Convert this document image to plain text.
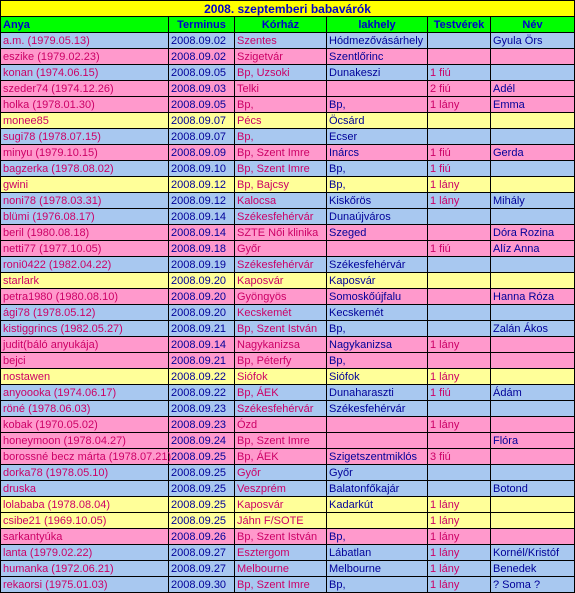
2008. szeptemberi babavárók					
Anya	Terminus	Kórház	lakhely	Testvérek	Név
a.m. (1979.05.13)	2008.09.02	Szentes	Hódmezővásárhely		Gyula Örs
eszike (1979.02.23)	2008.09.02	Szigetvár	Szentlőrinc		
konan (1974.06.15)	2008.09.05	Bp, Uzsoki	Dunakeszi	1 fiú	
szeder74 (1974.12.26)	2008.09.03	Telki		2 fiú	Adél
holka (1978.01.30)	2008.09.05	Bp,	Bp,	1 lány	Emma
monee85	2008.09.07	Pécs	Öcsárd		
sugi78 (1978.07.15)	2008.09.07	Bp,	Ecser		
minyu (1979.10.15)	2008.09.09	Bp, Szent Imre	Inárcs	1 fiú	Gerda
bagzerka (1978.08.02)	2008.09.10	Bp, Szent Imre	Bp,	1 fiú	
gwini	2008.09.12	Bp, Bajcsy	Bp,	1 lány	
noni78 (1978.03.31)	2008.09.12	Kalocsa	Kiskőrös	1 lány	Mihály
blümi (1976.08.17)	2008.09.14	Székesfehérvár	Dunaújváros		
beril (1980.08.18)	2008.09.14	SZTE Női klinika	Szeged		Dóra Rozina
netti77 (1977.10.05)	2008.09.18	Győr		1 fiú	Alíz Anna
roni0422 (1982.04.22)	2008.09.19	Székesfehérvár	Székesfehérvár		
starlark	2008.09.20	Kaposvár	Kaposvár		
petra1980 (1980.08.10)	2008.09.20	Gyöngyös	Somoskőújfalu		Hanna Róza
ági78 (1978.05.12)	2008.09.20	Kecskemét	Kecskemét		
kistiggrincs (1982.05.27)	2008.09.21	Bp, Szent István	Bp,		Zalán Ákos
judit(báló anyukája)	2008.09.14	Nagykanizsa	Nagykanizsa	1 lány	
bejci	2008.09.21	Bp, Péterfy	Bp,		
nostawen	2008.09.22	Siófok	Siófok	1 lány	
anyoooka (1974.06.17)	2008.09.22	Bp, ÁEK	Dunaharaszti	1 fiú	Ádám
röné (1978.06.03)	2008.09.23	Székesfehérvár	Székesfehérvár		
kobak (1970.05.02)	2008.09.23	Ózd		1 lány	
honeymoon (1978.04.27)	2008.09.24	Bp, Szent Imre			Flóra
borossné becz márta (1978.07.21)	2008.09.25	Bp, ÁEK	Szigetszentmiklós	3 fiú	
dorka78 (1978.05.10)	2008.09.25	Győr	Győr		
druska	2008.09.25	Veszprém	Balatonfőkajár		Botond
lolababa (1978.08.04)	2008.09.25	Kaposvár	Kadarkút	1 lány	
csibe21 (1969.10.05)	2008.09.25	Jáhn F/SOTE		1 lány	
sarkantyúka	2008.09.26	Bp, Szent István	Bp,	1 lány	
lanta (1979.02.22)	2008.09.27	Esztergom	Lábatlan	1 lány	Kornél/Kristóf
humanka (1972.06.21)	2008.09.27	Melbourne	Melbourne	1 lány	Benedek
rekaorsi (1975.01.03)	2008.09.30	Bp, Szent Imre	Bp,	1 lány	? Soma ?
